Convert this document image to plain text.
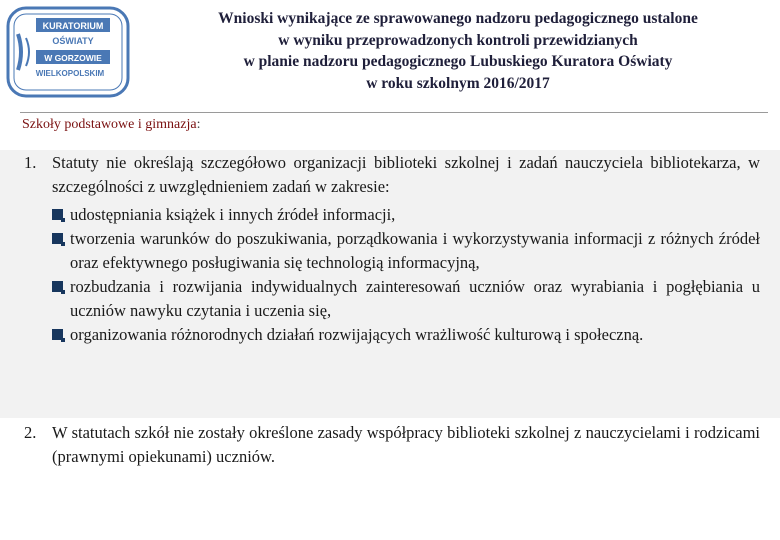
KURATORIUM
OŚWIATY
W GORZOWIE
WIELKOPOLSKIM
Wnioski wynikające ze sprawowanego nadzoru pedagogicznego ustalone
w wyniku przeprowadzonych kontroli przewidzianych
w planie nadzoru pedagogicznego Lubuskiego Kuratora Oświaty
w roku szkolnym 2016/2017
Szkoły podstawowe i gimnazja:
1. Statuty nie określają szczegółowo organizacji biblioteki szkolnej i zadań nauczyciela bibliotekarza, w szczególności z uwzględnieniem zadań w zakresie:
udostępniania książek i innych źródeł informacji,
tworzenia warunków do poszukiwania, porządkowania i wykorzystywania informacji z różnych źródeł oraz efektywnego posługiwania się technologią informacyjną,
rozbudzania i rozwijania indywidualnych zainteresowań uczniów oraz wyrabiania i pogłębiania u uczniów nawyku czytania i uczenia się,
organizowania różnorodnych działań rozwijających wrażliwość kulturową i społeczną.
2. W statutach szkół nie zostały określone zasady współpracy biblioteki szkolnej z nauczycielami i rodzicami (prawnymi opiekunami) uczniów.
